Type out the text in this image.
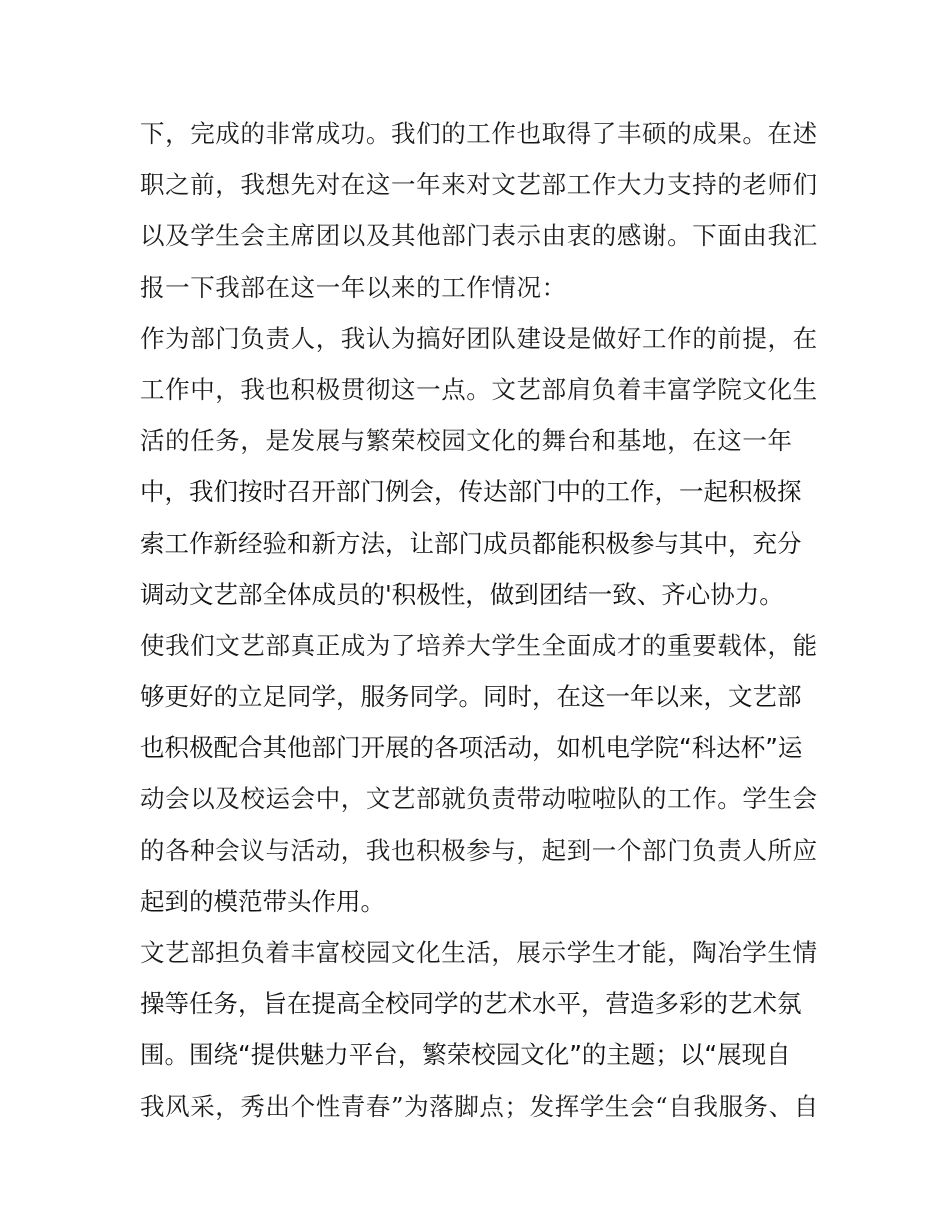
下，完成的非常成功。我们的工作也取得了丰硕的成果。在述
职之前，我想先对在这一年来对文艺部工作大力支持的老师们
以及学生会主席团以及其他部门表示由衷的感谢。下面由我汇
报一下我部在这一年以来的工作情况：
作为部门负责人，我认为搞好团队建设是做好工作的前提，在
工作中，我也积极贯彻这一点。文艺部肩负着丰富学院文化生
活的任务，是发展与繁荣校园文化的舞台和基地，在这一年
中，我们按时召开部门例会，传达部门中的工作，一起积极探
索工作新经验和新方法，让部门成员都能积极参与其中，充分
调动文艺部全体成员的'积极性，做到团结一致、齐心协力。
使我们文艺部真正成为了培养大学生全面成才的重要载体，能
够更好的立足同学，服务同学。同时，在这一年以来，文艺部
也积极配合其他部门开展的各项活动，如机电学院“科达杯”运
动会以及校运会中，文艺部就负责带动啦啦队的工作。学生会
的各种会议与活动，我也积极参与，起到一个部门负责人所应
起到的模范带头作用。
文艺部担负着丰富校园文化生活，展示学生才能，陶冶学生情
操等任务，旨在提高全校同学的艺术水平，营造多彩的艺术氛
围。围绕“提供魅力平台，繁荣校园文化”的主题；以“展现自
我风采，秀出个性青春”为落脚点；发挥学生会“自我服务、自
